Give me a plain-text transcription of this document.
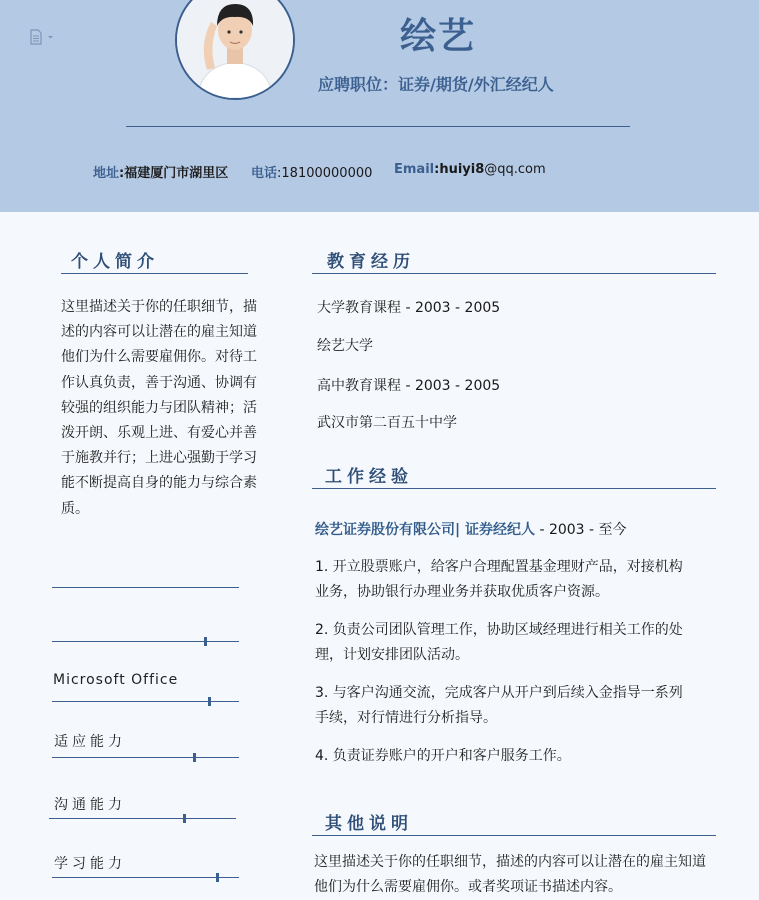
绘艺
应聘职位：证券/期货/外汇经纪人
地址:福建厦门市湖里区 电话:18100000000 Email:huiyi8@qq.com
个人简介

这里描述关于你的任职细节，描述的内容可以让潜在的雇主知道他们为什么需要雇佣你。对待工作认真负责，善于沟通、协调有较强的组织能力与团队精神；活泼开朗、乐观上进、有爱心并善于施教并行；上进心强勤于学习能不断提高自身的能力与综合素质。

Microsoft Office
适应能力
沟通能力
学习能力
教育经历
大学教育课程 - 2003 - 2005
绘艺大学
高中教育课程 - 2003 - 2005
武汉市第二百五十中学
工作经验
绘艺证券股份有限公司| 证券经纪人 - 2003 - 至今

1. 开立股票账户，给客户合理配置基金理财产品，对接机构业务，协助银行办理业务并获取优质客户资源。

2. 负责公司团队管理工作，协助区域经理进行相关工作的处理，计划安排团队活动。

3. 与客户沟通交流，完成客户从开户到后续入金指导一系列手续，对行情进行分析指导。

4. 负责证券账户的开户和客户服务工作。

其他说明

这里描述关于你的任职细节，描述的内容可以让潜在的雇主知道他们为什么需要雇佣你。或者奖项证书描述内容。
